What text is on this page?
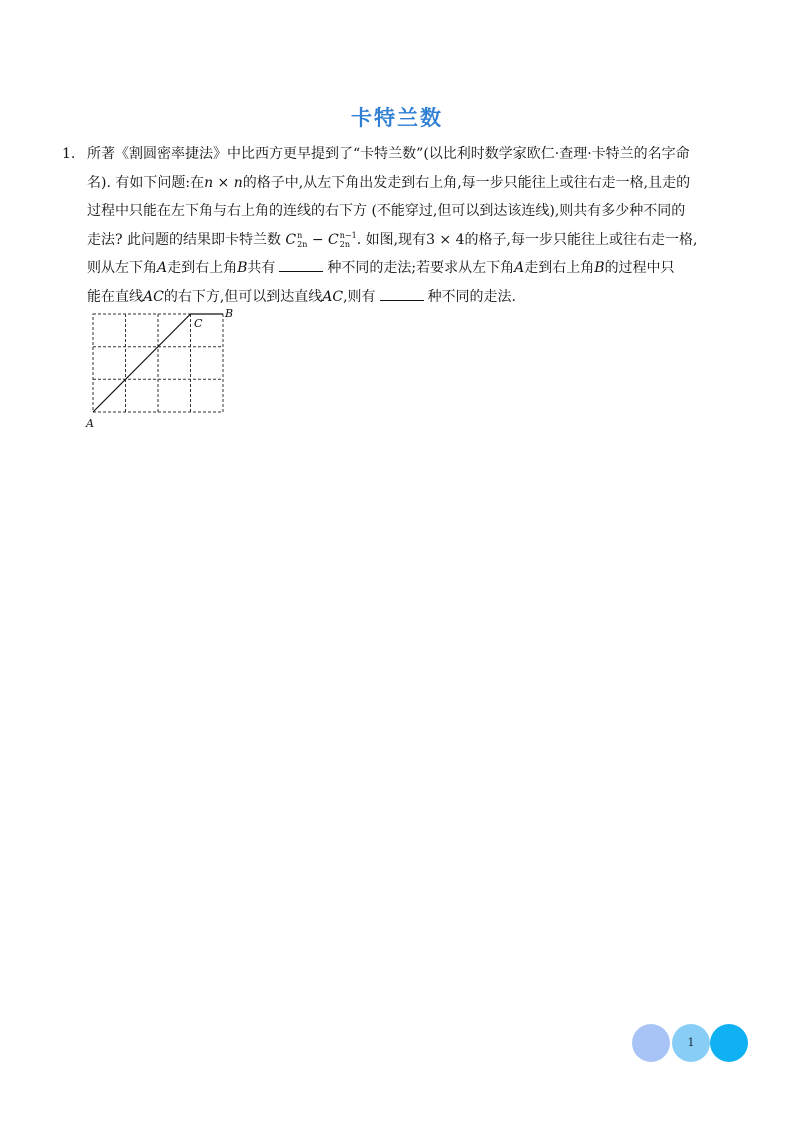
卡特兰数
1. 所著《割圆密率捷法》中比西方更早提到了“卡特兰数”(以比利时数学家欧仁·查理·卡特兰的名字命
名). 有如下问题:在n × n的格子中,从左下角出发走到右上角,每一步只能往上或往右走一格,且走的
过程中只能在左下角与右上角的连线的右下方 (不能穿过,但可以到达该连线),则共有多少种不同的
走法? 此问题的结果即卡特兰数 C n
2n − C n−1
2n . 如图,现有3 × 4的格子,每一步只能往上或往右走一格,
则从左下角A走到右上角B共有	种不同的走法;若要求从左下角A走到右上角B的过程中只
能在直线AC的右下方,但可以到达直线AC,则有	种不同的走法.
A
B
C
1
